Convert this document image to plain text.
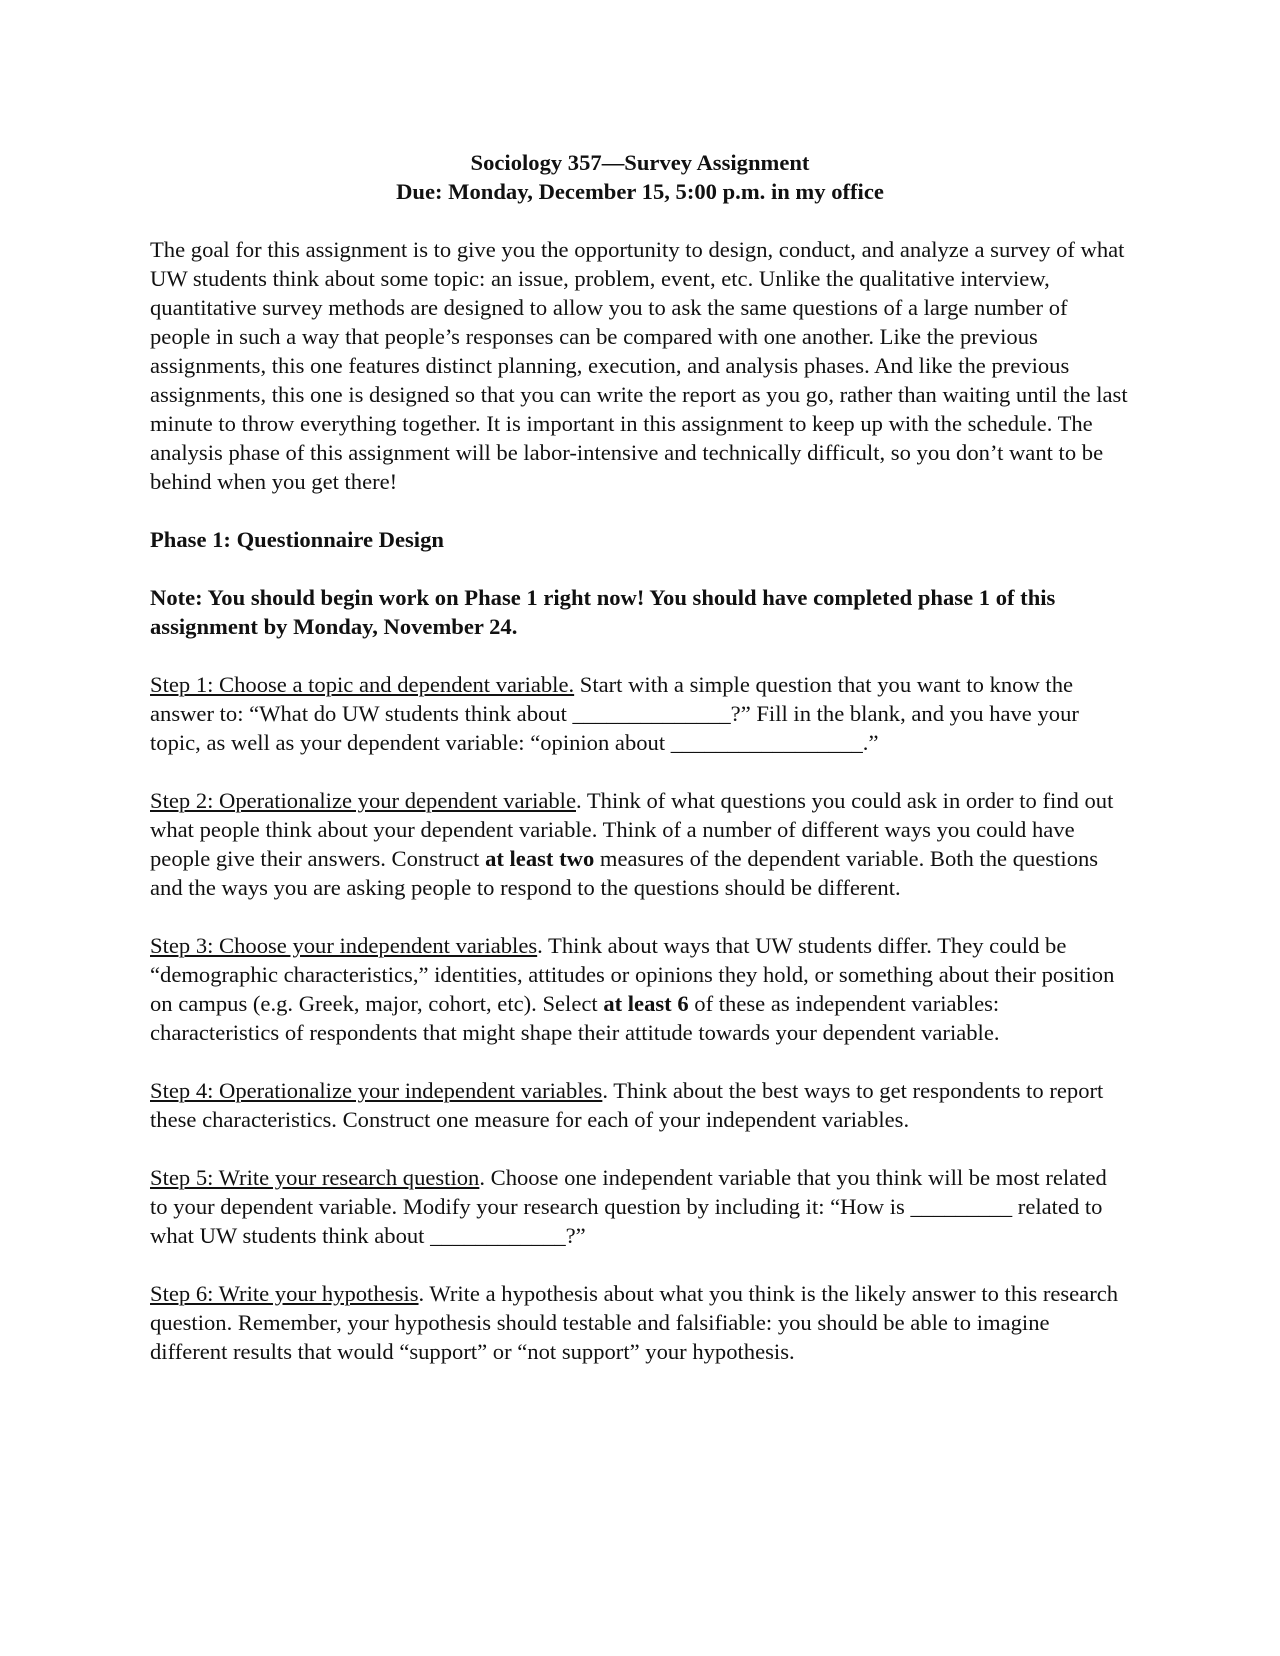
Sociology 357—Survey Assignment
Due: Monday, December 15, 5:00 p.m. in my office

The goal for this assignment is to give you the opportunity to design, conduct, and analyze a survey of what UW students think about some topic: an issue, problem, event, etc. Unlike the qualitative interview, quantitative survey methods are designed to allow you to ask the same questions of a large number of people in such a way that people’s responses can be compared with one another. Like the previous assignments, this one features distinct planning, execution, and analysis phases. And like the previous assignments, this one is designed so that you can write the report as you go, rather than waiting until the last minute to throw everything together. It is important in this assignment to keep up with the schedule. The analysis phase of this assignment will be labor-intensive and technically difficult, so you don’t want to be behind when you get there!

Phase 1: Questionnaire Design

Note: You should begin work on Phase 1 right now! You should have completed phase 1 of this assignment by Monday, November 24.

Step 1: Choose a topic and dependent variable. Start with a simple question that you want to know the answer to: “What do UW students think about ______________?” Fill in the blank, and you have your topic, as well as your dependent variable: “opinion about _________________.”

Step 2: Operationalize your dependent variable. Think of what questions you could ask in order to find out what people think about your dependent variable. Think of a number of different ways you could have people give their answers. Construct at least two measures of the dependent variable. Both the questions and the ways you are asking people to respond to the questions should be different.

Step 3: Choose your independent variables. Think about ways that UW students differ. They could be “demographic characteristics,” identities, attitudes or opinions they hold, or something about their position on campus (e.g. Greek, major, cohort, etc). Select at least 6 of these as independent variables: characteristics of respondents that might shape their attitude towards your dependent variable.

Step 4: Operationalize your independent variables. Think about the best ways to get respondents to report these characteristics. Construct one measure for each of your independent variables.

Step 5: Write your research question. Choose one independent variable that you think will be most related to your dependent variable. Modify your research question by including it: “How is _________ related to what UW students think about ____________?”

Step 6: Write your hypothesis. Write a hypothesis about what you think is the likely answer to this research question. Remember, your hypothesis should testable and falsifiable: you should be able to imagine different results that would “support” or “not support” your hypothesis.
